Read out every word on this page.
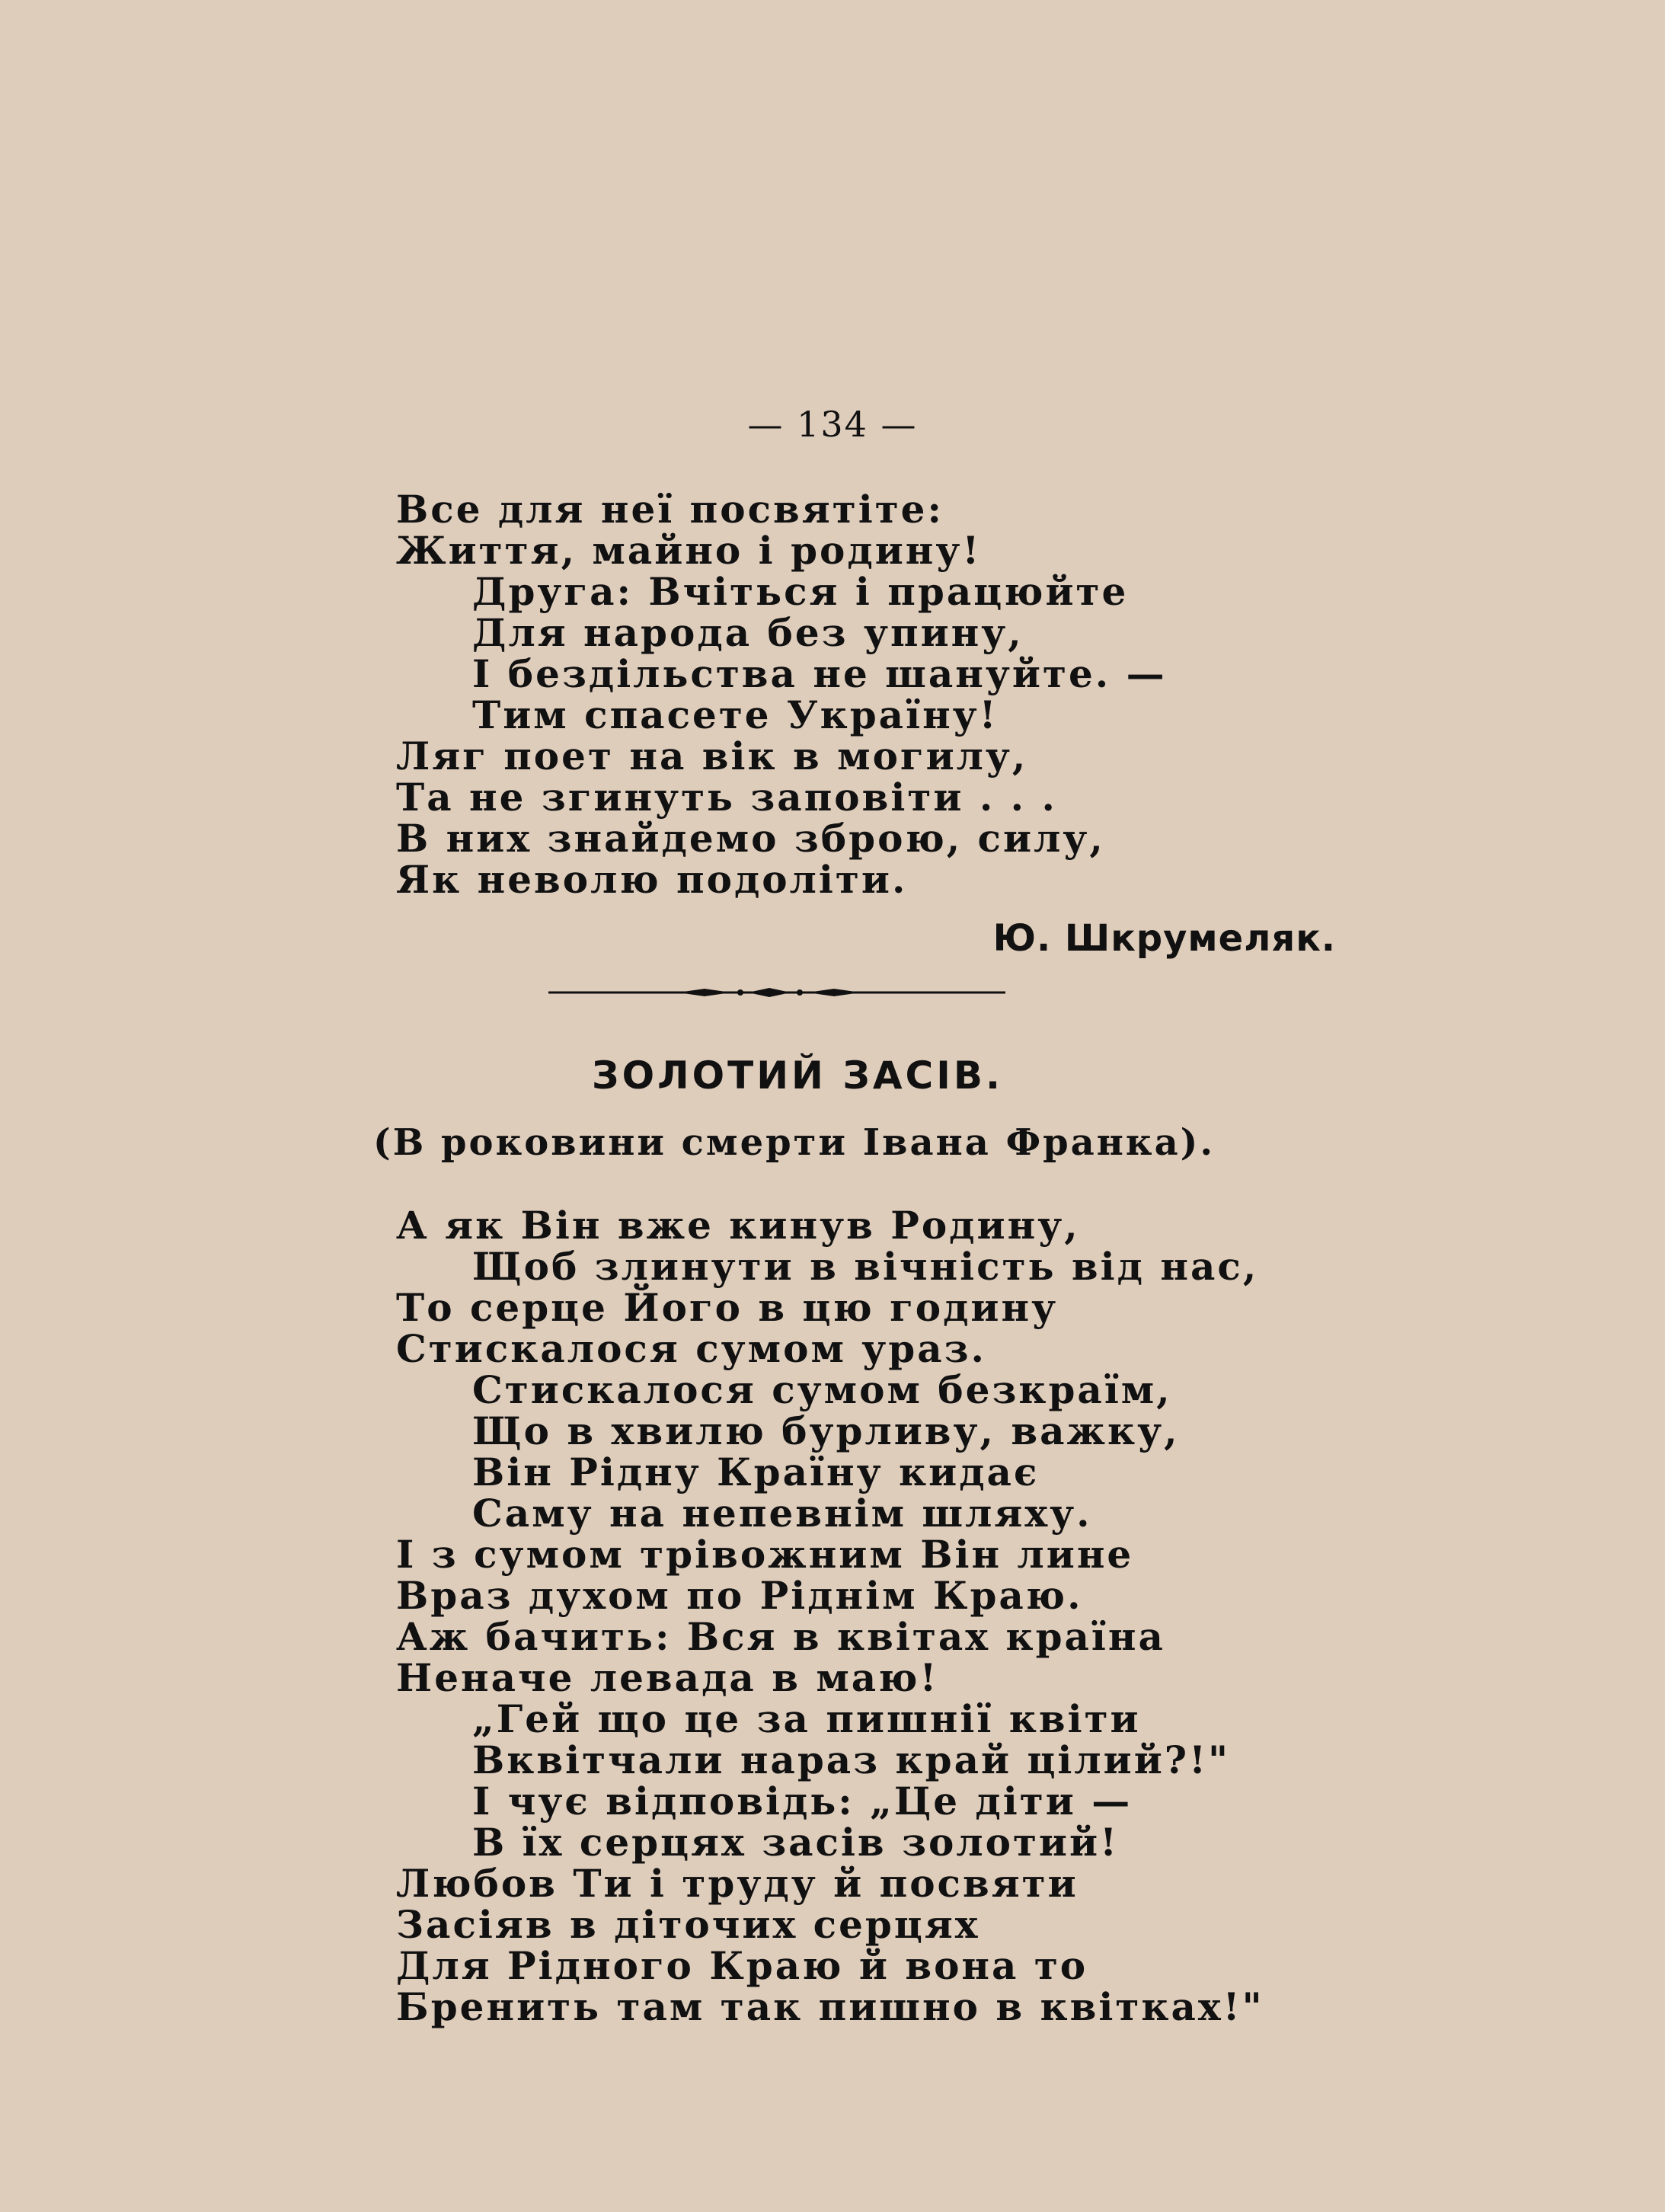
— 134 —
Все для неї посвятіте:
Життя, майно і родину!
Друга: Вчіться і працюйте
Для народа без упину,
І бездільства не шануйте. —
Тим спасете Україну!
Ляг поет на вік в могилу,
Та не згинуть заповіти . . .
В них знайдемо зброю, силу,
Як неволю подоліти.
Ю. Шкрумеляк.
ЗОЛОТИЙ ЗАСІВ.
(В роковини смерти Івана Франка).
А як Він вже кинув Родину,
Щоб злинути в вічність від нас,
То серце Його в цю годину
Стискалося сумом ураз.
Стискалося сумом безкраїм,
Що в хвилю бурливу, важку,
Він Рідну Країну кидає
Саму на непевнім шляху.
І з сумом трівожним Він лине
Враз духом по Ріднім Краю.
Аж бачить: Вся в квітах країна
Неначе левада в маю!
„Гей що це за пишнії квіти
Вквітчали нараз край цілий?!"
І чує відповідь: „Це діти —
В їх серцях засів золотий!
Любов Ти і труду й посвяти
Засіяв в діточих серцях
Для Рідного Краю й вона то
Бренить там так пишно в квітках!"
